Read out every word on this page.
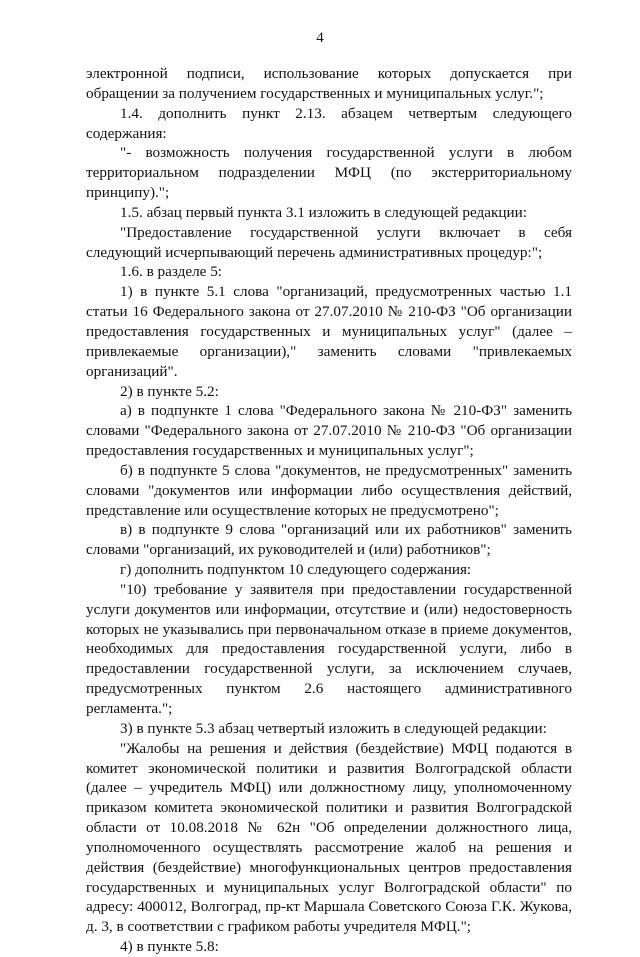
4

электронной подписи, использование которых допускается при обращении за получением государственных и муниципальных услуг.";

1.4. дополнить пункт 2.13. абзацем четвертым следующего содержания:

"- возможность получения государственной услуги в любом территориальном подразделении МФЦ (по экстерриториальному принципу).";

1.5. абзац первый пункта 3.1 изложить в следующей редакции:

"Предоставление государственной услуги включает в себя следующий исчерпывающий перечень административных процедур:";

1.6. в разделе 5:

1) в пункте 5.1 слова "организаций, предусмотренных частью 1.1 статьи 16 Федерального закона от 27.07.2010 № 210-ФЗ "Об организации предоставления государственных и муниципальных услуг" (далее – привлекаемые организации)," заменить словами "привлекаемых организаций".

2) в пункте 5.2:

а) в подпункте 1 слова "Федерального закона № 210-ФЗ" заменить словами "Федерального закона от 27.07.2010 № 210-ФЗ "Об организации предоставления государственных и муниципальных услуг";

б) в подпункте 5 слова "документов, не предусмотренных" заменить словами "документов или информации либо осуществления действий, представление или осуществление которых не предусмотрено";

в) в подпункте 9 слова "организаций или их работников" заменить словами "организаций, их руководителей и (или) работников";

г) дополнить подпунктом 10 следующего содержания:

"10) требование у заявителя при предоставлении государственной услуги документов или информации, отсутствие и (или) недостоверность которых не указывались при первоначальном отказе в приеме документов, необходимых для предоставления государственной услуги, либо в предоставлении государственной услуги, за исключением случаев, предусмотренных пунктом 2.6 настоящего административного регламента.";

3) в пункте 5.3 абзац четвертый изложить в следующей редакции:

"Жалобы на решения и действия (бездействие) МФЦ подаются в комитет экономической политики и развития Волгоградской области (далее – учредитель МФЦ) или должностному лицу, уполномоченному приказом комитета экономической политики и развития Волгоградской области от 10.08.2018 № 62н "Об определении должностного лица, уполномоченного осуществлять рассмотрение жалоб на решения и действия (бездействие) многофункциональных центров предоставления государственных и муниципальных услуг Волгоградской области" по адресу: 400012, Волгоград, пр-кт Маршала Советского Союза Г.К. Жукова, д. 3, в соответствии с графиком работы учредителя МФЦ.";

4) в пункте 5.8:
